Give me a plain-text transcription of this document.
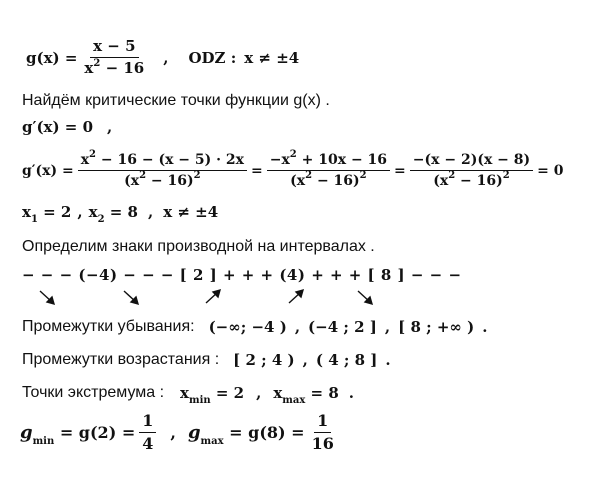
$g(x) = \frac{x - 5}{x^2 - 16}$ , ODZ : x ≠ ±4
Найдём критические точки функции g(x) .
g′(x) = 0 ,
$g'(x) = \frac{x^2 - 16 - (x - 5) \cdot 2x}{(x^2 - 16)^2} = \frac{-x^2 + 10x - 16}{(x^2 - 16)^2} = \frac{-(x - 2)(x - 8)}{(x^2 - 16)^2} = 0$
$x_1 = 2$ , $x_2 = 8$ , x ≠ ±4
Определим знаки производной на интервалах .
− − − (−4) − − − [ 2 ] + + + (4) + + + [ 8 ] − − −
Промежутки убывания: (−∞; −4 ) , (−4 ; 2 ] , [ 8 ; +∞ ) .
Промежутки возрастания : [ 2 ; 4 ) , ( 4 ; 8 ] .
Точки экстремума : $x_{min} = 2$ , $x_{max} = 8$ .
$g_{min} = g(2) = \frac{1}{4}$ , $g_{max} = g(8) = \frac{1}{16}$
